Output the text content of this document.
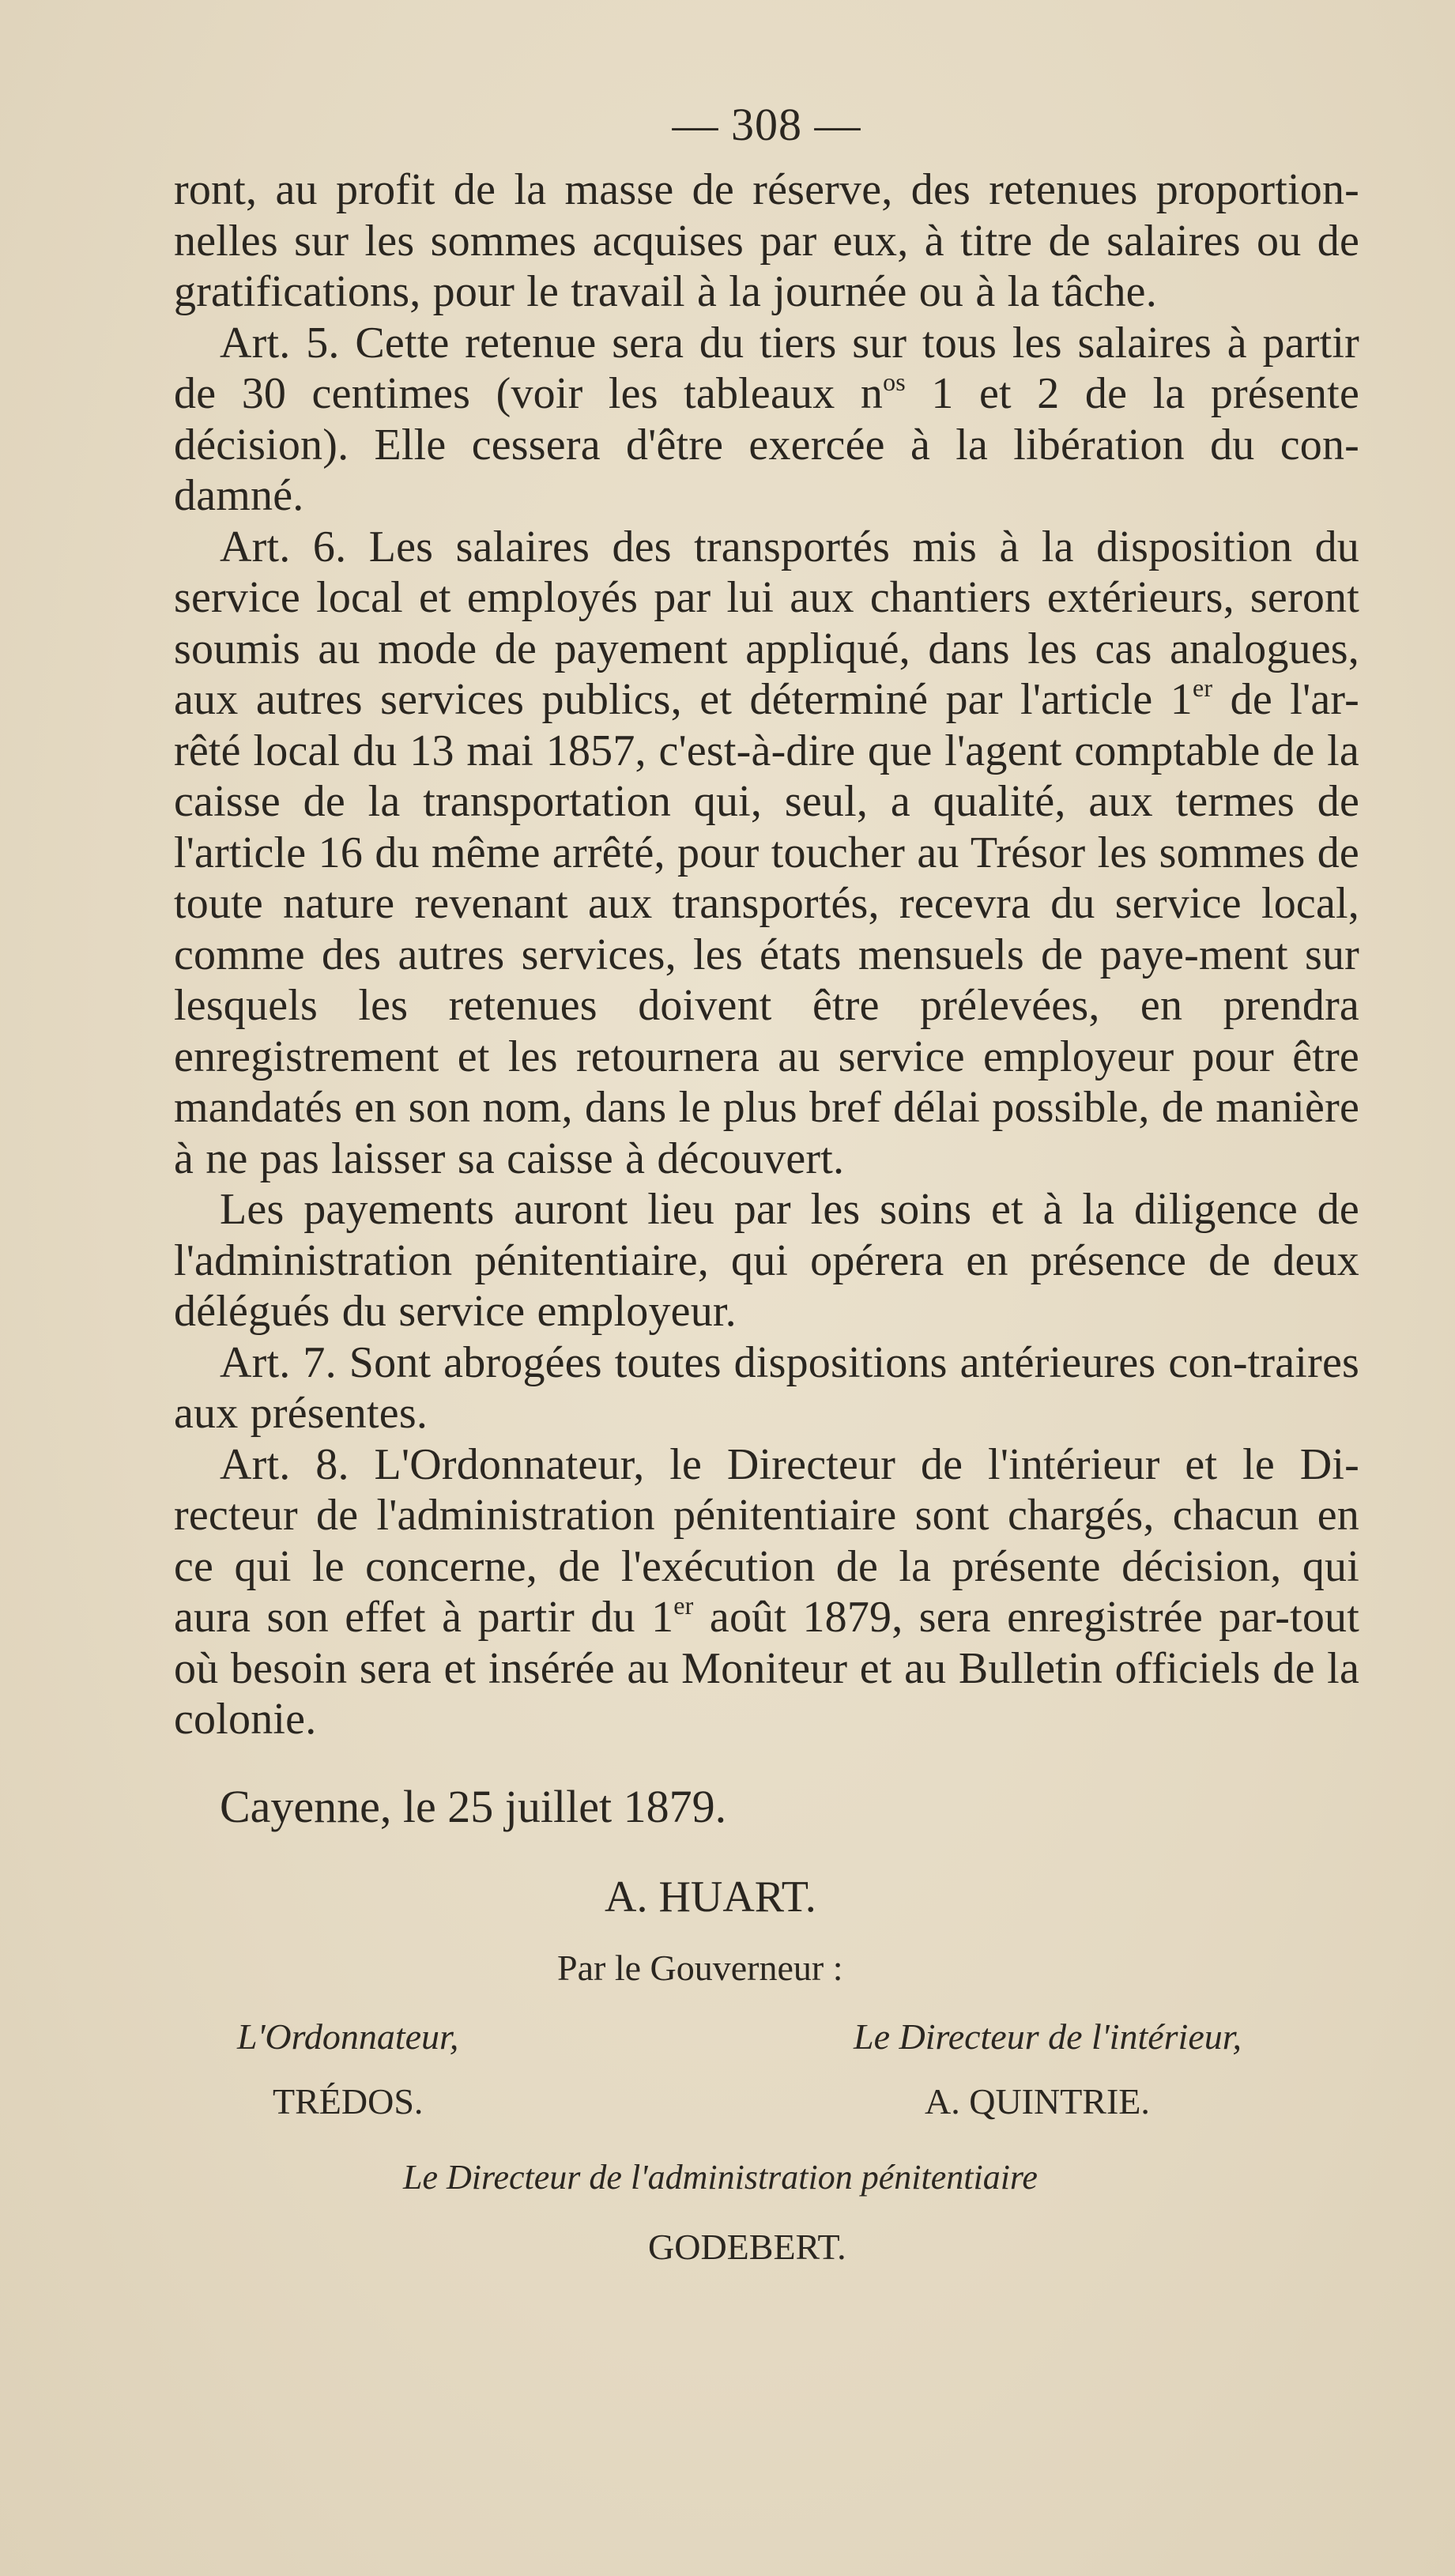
— 308 —

ront, au profit de la masse de réserve, des retenues proportion-nelles sur les sommes acquises par eux, à titre de salaires ou de gratifications, pour le travail à la journée ou à la tâche.
Art. 5. Cette retenue sera du tiers sur tous les salaires à partir de 30 centimes (voir les tableaux $n^{os}$ 1 et 2 de la présente décision). Elle cessera d'être exercée à la libération du con-damné.
Art. 6. Les salaires des transportés mis à la disposition du service local et employés par lui aux chantiers extérieurs, seront soumis au mode de payement appliqué, dans les cas analogues, aux autres services publics, et déterminé par l'article 1er de l'ar-rêté local du 13 mai 1857, c'est-à-dire que l'agent comptable de la caisse de la transportation qui, seul, a qualité, aux termes de l'article 16 du même arrêté, pour toucher au Trésor les sommes de toute nature revenant aux transportés, recevra du service local, comme des autres services, les états mensuels de paye-ment sur lesquels les retenues doivent être prélevées, en prendra enregistrement et les retournera au service employeur pour être mandatés en son nom, dans le plus bref délai possible, de manière à ne pas laisser sa caisse à découvert.
Les payements auront lieu par les soins et à la diligence de l'administration pénitentiaire, qui opérera en présence de deux délégués du service employeur.
Art. 7. Sont abrogées toutes dispositions antérieures con-traires aux présentes.
Art. 8. L'Ordonnateur, le Directeur de l'intérieur et le Di-recteur de l'administration pénitentiaire sont chargés, chacun en ce qui le concerne, de l'exécution de la présente décision, qui aura son effet à partir du 1er août 1879, sera enregistrée par-tout où besoin sera et insérée au Moniteur et au Bulletin officiels de la colonie.

Cayenne, le 25 juillet 1879.
A. HUART.
Par le Gouverneur :
L'Ordonnateur,	Le Directeur de l'intérieur,
TRÉDOS.	A. QUINTRIE.
Le Directeur de l'administration pénitentiaire
GODEBERT.
